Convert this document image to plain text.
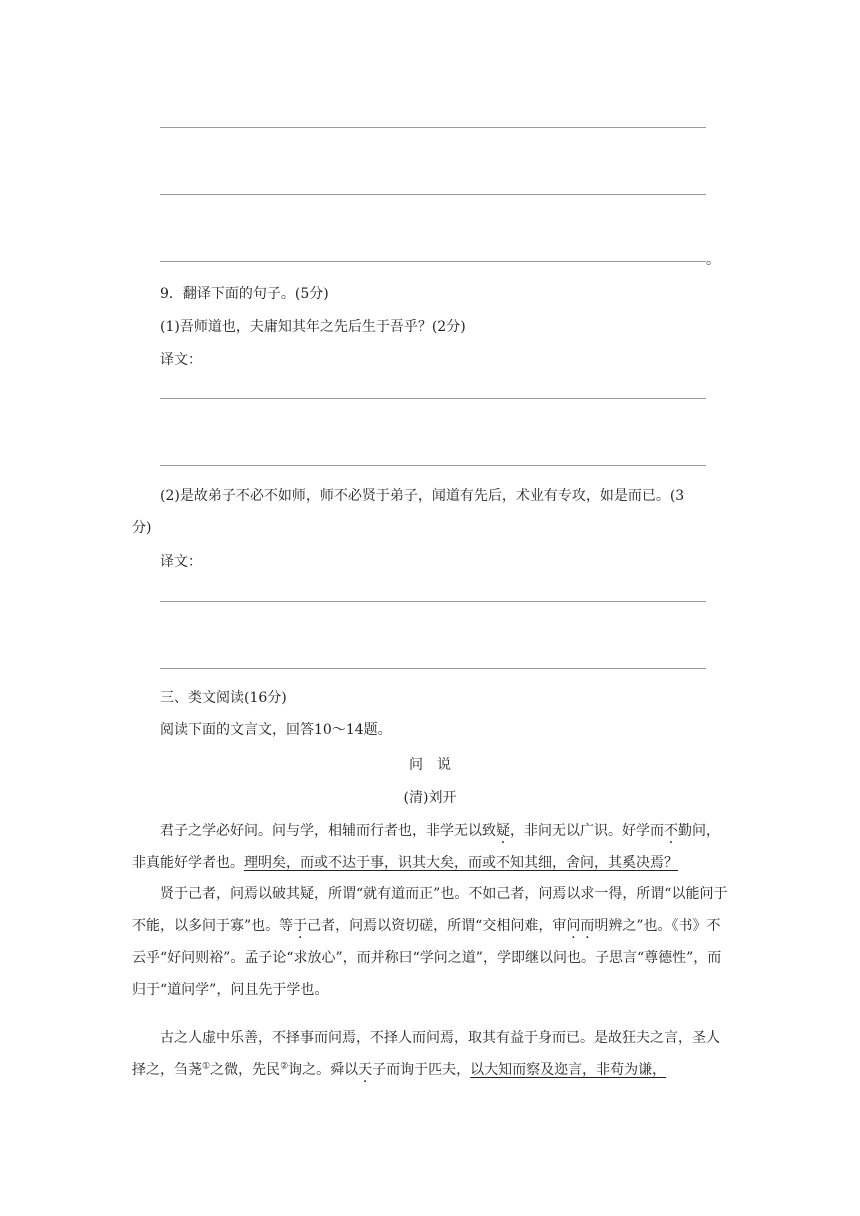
。
9．翻译下面的句子。(5分)
(1)吾师道也，夫庸知其年之先后生于吾乎？(2分)
译文：
(2)是故弟子不必不如师，师不必贤于弟子，闻道有先后，术业有专攻，如是而已。(3
分)
译文：
三、类文阅读(16分)
阅读下面的文言文，回答10～14题。
问　说
(清)刘开
君子之学必好问。问与学，相辅而行者也，非学无以致疑，非问无以广识。好学而不勤问，非真能好学者也。理明矣，而或不达于事，识其大矣，而或不知其细，舍问，其奚决焉？
贤于己者，问焉以破其疑，所谓“就有道而正”也。不如己者，问焉以求一得，所谓“以能问于不能，以多问于寡”也。等于己者，问焉以资切磋，所谓“交相问难，审问而明辨之”也。《书》不云乎“好问则裕”。孟子论“求放心”，而并称曰“学问之道”，学即继以问也。子思言“尊德性”，而归于“道问学”，问且先于学也。
古之人虚中乐善，不择事而问焉，不择人而问焉，取其有益于身而已。是故狂夫之言，圣人择之，刍荛①之微，先民②询之。舜以天子而询于匹夫，以大知而察及迩言，非苟为谦，
